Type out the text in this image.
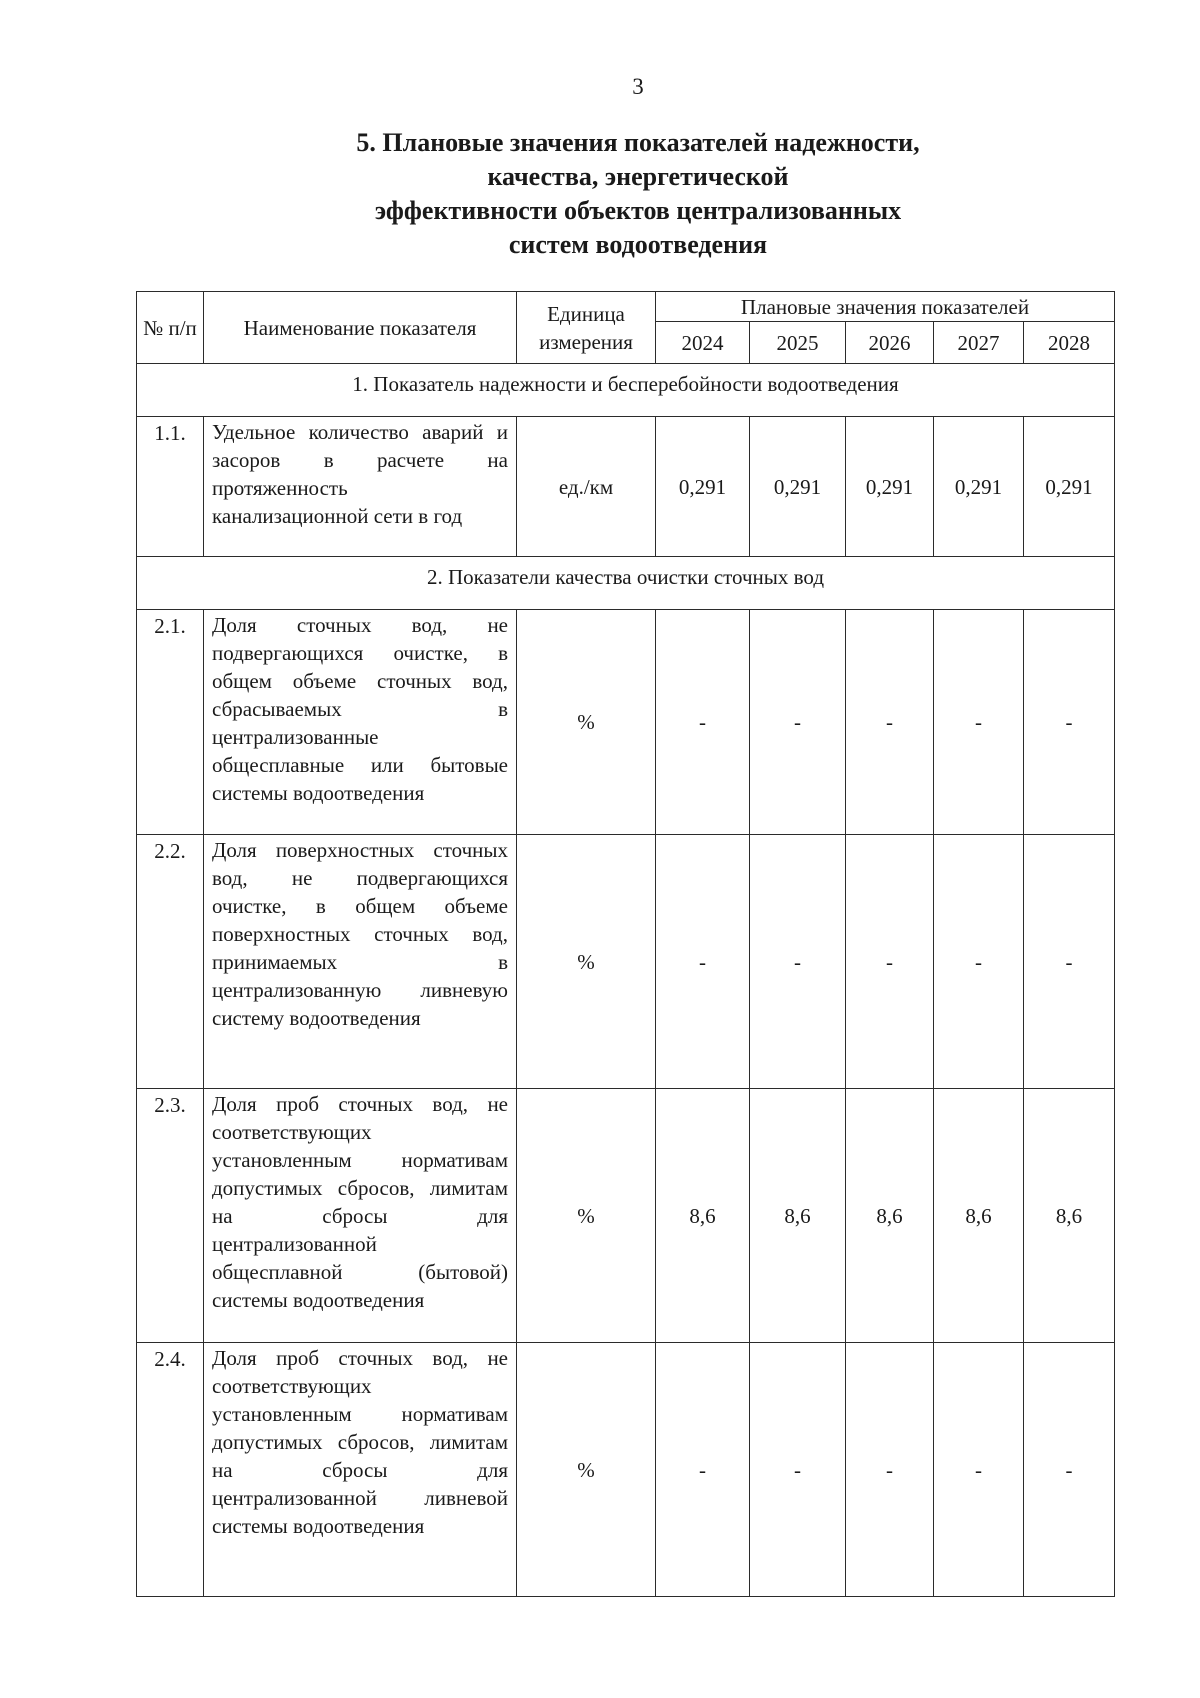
3
5. Плановые значения показателей надежности,
качества, энергетической
эффективности объектов централизованных
систем водоотведения
№ п/п	Наименование показателя	Единица измерения	Плановые значения показателей				
			2024	2025	2026	2027	2028
1. Показатель надежности и бесперебойности водоотведения							
1.1.	Удельное количество аварий и засоров в расчете на протяженность канализационной сети в год	ед./км	0,291	0,291	0,291	0,291	0,291
2. Показатели качества очистки сточных вод							
2.1.	Доля сточных вод, не подвергающихся очистке, в общем объеме сточных вод, сбрасываемых в централизованные общесплавные или бытовые системы водоотведения	%	-	-	-	-	-
2.2.	Доля поверхностных сточных вод, не подвергающихся очистке, в общем объеме поверхностных сточных вод, принимаемых в централизованную ливневую систему водоотведения	%	-	-	-	-	-
2.3.	Доля проб сточных вод, не соответствующих установленным нормативам допустимых сбросов, лимитам на сбросы для централизованной общесплавной (бытовой) системы водоотведения	%	8,6	8,6	8,6	8,6	8,6
2.4.	Доля проб сточных вод, не соответствующих установленным нормативам допустимых сбросов, лимитам на сбросы для централизованной ливневой системы водоотведения	%	-	-	-	-	-
